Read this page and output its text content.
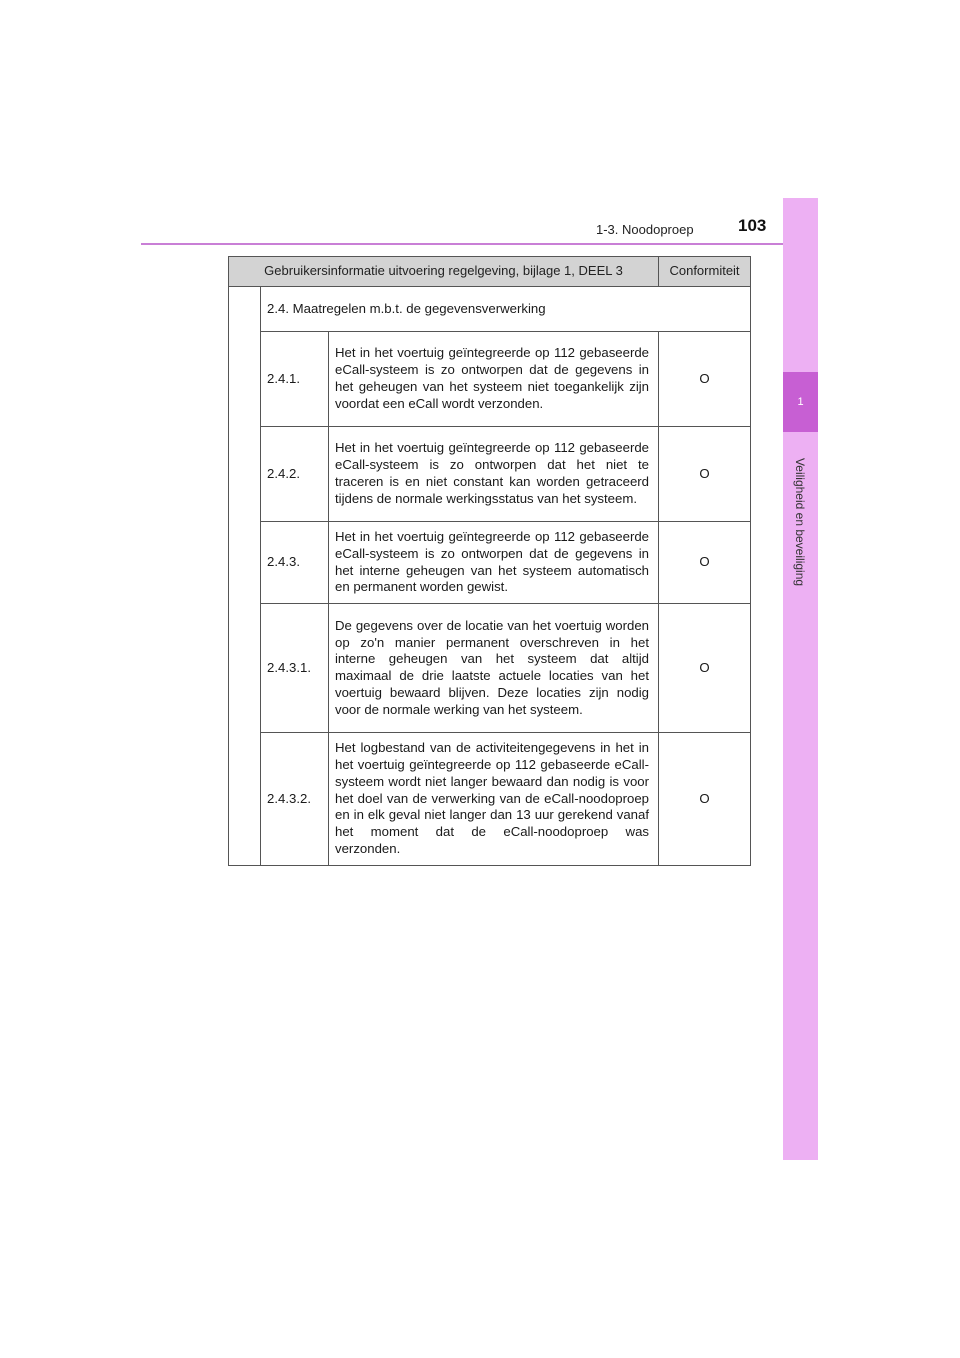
1-3. Noodoproep	103
1
Veiligheid en beveiliging
Gebruikersinformatie uitvoering regelgeving, bijlage 1, DEEL 3			Conformiteit
	2.4. Maatregelen m.b.t. de gegevensverwerking		
	2.4.1.	Het in het voertuig geïntegreerde op 112 gebaseerde eCall-systeem is zo ontworpen dat de gegevens in het geheugen van het systeem niet toegankelijk zijn voordat een eCall wordt verzonden.	O
	2.4.2.	Het in het voertuig geïntegreerde op 112 gebaseerde eCall-systeem is zo ontworpen dat het niet te traceren is en niet constant kan worden getraceerd tijdens de normale werkingsstatus van het systeem.	O
	2.4.3.	Het in het voertuig geïntegreerde op 112 gebaseerde eCall-systeem is zo ontworpen dat de gegevens in het interne geheugen van het systeem automatisch en permanent worden gewist.	O
	2.4.3.1.	De gegevens over de locatie van het voertuig worden op zo'n manier permanent overschreven in het interne geheugen van het systeem dat altijd maximaal de drie laatste actuele locaties van het voertuig bewaard blijven. Deze locaties zijn nodig voor de normale werking van het systeem.	O
	2.4.3.2.	Het logbestand van de activiteitengegevens in het in het voertuig geïntegreerde op 112 gebaseerde eCall-systeem wordt niet langer bewaard dan nodig is voor het doel van de verwerking van de eCall-noodoproep en in elk geval niet langer dan 13 uur gerekend vanaf het moment dat de eCall-noodoproep was verzonden.	O
